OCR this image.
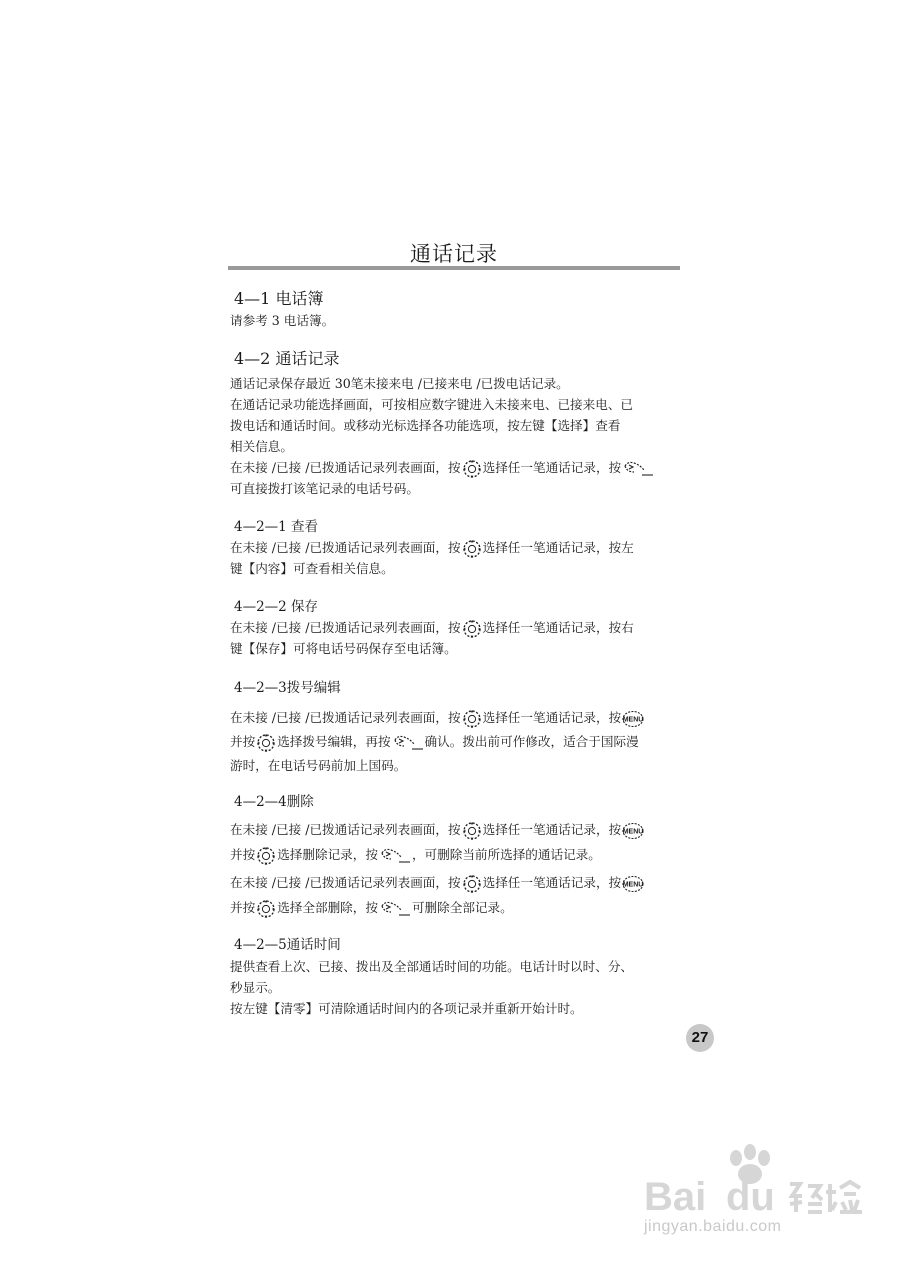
通话记录
4—1 电话簿
请参考 3 电话簿。
4—2 通话记录
通话记录保存最近 30笔未接来电 /已接来电 /已拨电话记录。
在通话记录功能选择画面，可按相应数字键进入未接来电、已接来电、已
拨电话和通话时间。或移动光标选择各功能选项，按左键【选择】查看
相关信息。
在未接 /已接 /已拨通话记录列表画面，按 选择任一笔通话记录，按
可直接拨打该笔记录的电话号码。
4—2—1 查看
在未接 /已接 /已拨通话记录列表画面，按 选择任一笔通话记录，按左
键【内容】可查看相关信息。
4—2—2 保存
在未接 /已接 /已拨通话记录列表画面，按 选择任一笔通话记录，按右
键【保存】可将电话号码保存至电话簿。
4—2—3拨号编辑
在未接 /已接 /已拨通话记录列表画面，按 选择任一笔通话记录，按 MENU
并按 选择拨号编辑，再按	确认。拨出前可作修改，适合于国际漫
游时，在电话号码前加上国码。
4—2—4删除
在未接 /已接 /已拨通话记录列表画面，按 选择任一笔通话记录，按 MENU
并按 选择删除记录，按	，可删除当前所选择的通话记录。
在未接 /已接 /已拨通话记录列表画面，按 选择任一笔通话记录，按 MENU
并按 选择全部删除，按	可删除全部记录。
4—2—5通话时间
提供查看上次、已接、拨出及全部通话时间的功能。电话计时以时、分、
秒显示。
按左键【清零】可清除通话时间内的各项记录并重新开始计时。
27
Bai du
jingyan.baidu.com
